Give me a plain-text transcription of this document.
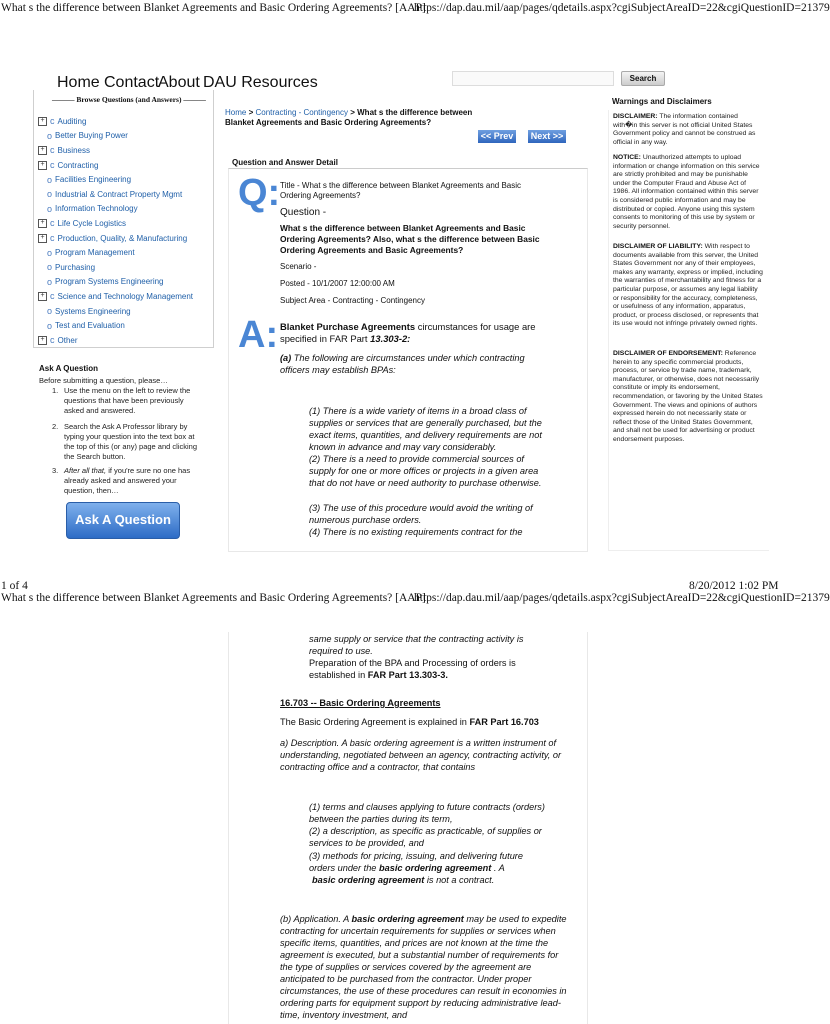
What s the difference between Blanket Agreements and Basic Ordering Agreements? [AAP]
https://dap.dau.mil/aap/pages/qdetails.aspx?cgiSubjectAreaID=22&cgiQuestionID=21379
Home Contact
About DAU Resources	Search
——— Browse Questions (and Answers) ———
+ c Auditing
o Better Buying Power
+ c Business
+ c Contracting
o Facilities Engineering
o Industrial & Contract Property Mgmt
o Information Technology
+ c Life Cycle Logistics
+ c Production, Quality, & Manufacturing
o Program Management
o Purchasing
o Program Systems Engineering
+ c Science and Technology Management
o Systems Engineering
o Test and Evaluation
+ c Other
Ask A Question
Before submitting a question, please…
1. Use the menu on the left to review the questions that have been previously asked and answered.
2. Search the Ask A Professor library by typing your question into the text box at the top of this (or any) page and clicking the Search button.
3. After all that, if you're sure no one has already asked and answered your question, then…
Ask A Question
Home > Contracting - Contingency > What s the difference between Blanket Agreements and Basic Ordering Agreements?
<< Prev	Next >>
Question and Answer Detail
Q: Title - What s the difference between Blanket Agreements and Basic Ordering Agreements?
Question -
What s the difference between Blanket Agreements and Basic Ordering Agreements? Also, what s the difference between Basic Ordering Agreements and Basic Agreements?
Scenario -
Posted - 10/1/2007 12:00:00 AM
Subject Area - Contracting - Contingency
A: Blanket Purchase Agreements circumstances for usage are specified in FAR Part 13.303-2:
(a) The following are circumstances under which contracting officers may establish BPAs:
(1) There is a wide variety of items in a broad class of supplies or services that are generally purchased, but the exact items, quantities, and delivery requirements are not known in advance and may vary considerably.
(2) There is a need to provide commercial sources of supply for one or more offices or projects in a given area that do not have or need authority to purchase otherwise.
(3) The use of this procedure would avoid the writing of numerous purchase orders.
(4) There is no existing requirements contract for the
Warnings and Disclaimers
DISCLAIMER: The information contained with�in this server is not official United States Government policy and cannot be construed as official in any way.
NOTICE: Unauthorized attempts to upload information or change information on this service are strictly prohibited and may be punishable under the Computer Fraud and Abuse Act of 1986. All information contained within this server is considered public information and may be distributed or copied. Anyone using this system consents to monitoring of this use by system or security personnel.
DISCLAIMER OF LIABILITY: With respect to documents available from this server, the United States Government nor any of their employees, makes any warranty, express or implied, including the warranties of merchantability and fitness for a particular purpose, or assumes any legal liability or responsibility for the accuracy, completeness, or usefulness of any information, apparatus, product, or process disclosed, or represents that its use would not infringe privately owned rights.
DISCLAIMER OF ENDORSEMENT: Reference herein to any specific commercial products, process, or service by trade name, trademark, manufacturer, or otherwise, does not necessarily constitute or imply its endorsement, recommendation, or favoring by the United States Government. The views and opinions of authors expressed herein do not necessarily state or reflect those of the United States Government, and shall not be used for advertising or product endorsement purposes.
1 of 4	8/20/2012 1:02 PM
What s the difference between Blanket Agreements and Basic Ordering Agreements? [AAP]
https://dap.dau.mil/aap/pages/qdetails.aspx?cgiSubjectAreaID=22&cgiQuestionID=21379
same supply or service that the contracting activity is required to use.
Preparation of the BPA and Processing of orders is established in FAR Part 13.303-3.
16.703 -- Basic Ordering Agreements
The Basic Ordering Agreement is explained in FAR Part 16.703
a) Description. A basic ordering agreement is a written instrument of understanding, negotiated between an agency, contracting activity, or contracting office and a contractor, that contains
(1) terms and clauses applying to future contracts (orders) between the parties during its term,
(2) a description, as specific as practicable, of supplies or services to be provided, and
(3) methods for pricing, issuing, and delivering future orders under the basic ordering agreement . A
basic ordering agreement is not a contract.
(b) Application. A basic ordering agreement may be used to expedite contracting for uncertain requirements for supplies or services when specific items, quantities, and prices are not known at the time the agreement is executed, but a substantial number of requirements for the type of supplies or services covered by the agreement are anticipated to be purchased from the contractor. Under proper circumstances, the use of these procedures can result in economies in ordering parts for equipment support by reducing administrative lead-time, inventory investment, and
